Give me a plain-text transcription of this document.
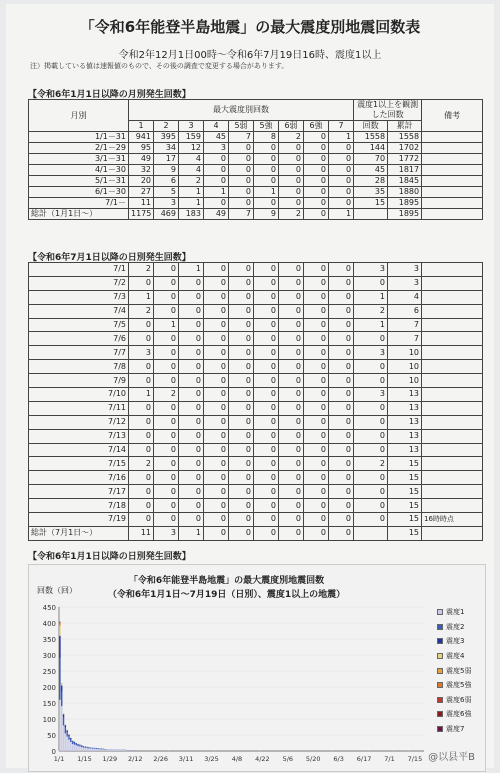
「令和6年能登半島地震」の最大震度別地震回数表
令和2年12月1日00時～令和6年7月19日16時、震度1以上
注）掲載している値は速報値のもので、その後の調査で変更する場合があります。
【令和6年1月1日以降の月別発生回数】
月別	最大震度別回数									震度1以上を観測した回数		備考
	1	2	3	4	5弱	5強	6弱	6強	7	回数	累計	
1/1－31	941	395	159	45	7	8	2	0	1	1558	1558	
2/1－29	95	34	12	3	0	0	0	0	0	144	1702	
3/1－31	49	17	4	0	0	0	0	0	0	70	1772	
4/1－30	32	9	4	0	0	0	0	0	0	45	1817	
5/1－31	20	6	2	0	0	0	0	0	0	28	1845	
6/1－30	27	5	1	1	0	1	0	0	0	35	1880	
7/1－	11	3	1	0	0	0	0	0	0	15	1895	
総計（1月1日～）	1175	469	183	49	7	9	2	0	1		1895	
【令和6年7月1日以降の日別発生回数】
7/1	2	0	1	0	0	0	0	0	0	3	3	
7/2	0	0	0	0	0	0	0	0	0	0	3	
7/3	1	0	0	0	0	0	0	0	0	1	4	
7/4	2	0	0	0	0	0	0	0	0	2	6	
7/5	0	1	0	0	0	0	0	0	0	1	7	
7/6	0	0	0	0	0	0	0	0	0	0	7	
7/7	3	0	0	0	0	0	0	0	0	3	10	
7/8	0	0	0	0	0	0	0	0	0	0	10	
7/9	0	0	0	0	0	0	0	0	0	0	10	
7/10	1	2	0	0	0	0	0	0	0	3	13	
7/11	0	0	0	0	0	0	0	0	0	0	13	
7/12	0	0	0	0	0	0	0	0	0	0	13	
7/13	0	0	0	0	0	0	0	0	0	0	13	
7/14	0	0	0	0	0	0	0	0	0	0	13	
7/15	2	0	0	0	0	0	0	0	0	2	15	
7/16	0	0	0	0	0	0	0	0	0	0	15	
7/17	0	0	0	0	0	0	0	0	0	0	15	
7/18	0	0	0	0	0	0	0	0	0	0	15	
7/19	0	0	0	0	0	0	0	0	0	0	15	16時時点
総計（7月1日～）	11	3	1	0	0	0	0	0	0		15	
【令和6年1月1日以降の日別発生回数】
「令和6年能登半島地震」の最大震度別地震回数
（令和6年1月1日～7月19日（日別）、震度1以上の地震）
回数（回）
0
50
100
150
200
250
300
350
400
450
1/1 1/15 1/29 2/12 2/26 3/11 3/25 4/8 4/22 5/6 5/20 6/3 6/17 7/1 7/15
震度1
震度2
震度3
震度4
震度5弱
震度5強
震度6弱
震度6強
震度7
@以县平B
